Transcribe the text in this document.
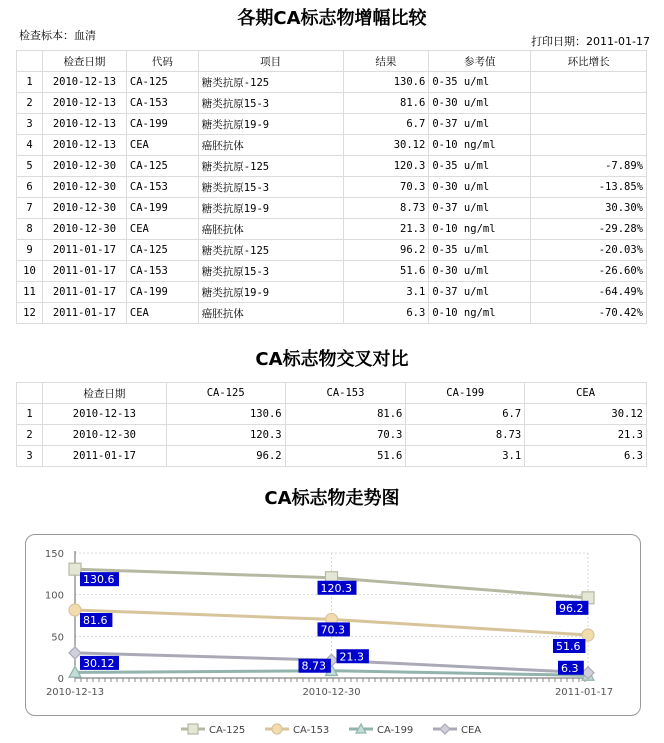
各期CA标志物增幅比较
检查标本：血清	打印日期：2011-01-17
	检查日期	代码	项目	结果	参考值	环比增长
1	2010-12-13	CA-125	糖类抗原-125	130.6	0-35 u/ml	
2	2010-12-13	CA-153	糖类抗原15-3	81.6	0-30 u/ml	
3	2010-12-13	CA-199	糖类抗原19-9	6.7	0-37 u/ml	
4	2010-12-13	CEA	癌胚抗体	30.12	0-10 ng/ml	
5	2010-12-30	CA-125	糖类抗原-125	120.3	0-35 u/ml	-7.89%
6	2010-12-30	CA-153	糖类抗原15-3	70.3	0-30 u/ml	-13.85%
7	2010-12-30	CA-199	糖类抗原19-9	8.73	0-37 u/ml	30.30%
8	2010-12-30	CEA	癌胚抗体	21.3	0-10 ng/ml	-29.28%
9	2011-01-17	CA-125	糖类抗原-125	96.2	0-35 u/ml	-20.03%
10	2011-01-17	CA-153	糖类抗原15-3	51.6	0-30 u/ml	-26.60%
11	2011-01-17	CA-199	糖类抗原19-9	3.1	0-37 u/ml	-64.49%
12	2011-01-17	CEA	癌胚抗体	6.3	0-10 ng/ml	-70.42%
CA标志物交叉对比
	检查日期	CA-125	CA-153	CA-199	CEA
1	2010-12-13	130.6	81.6	6.7	30.12
2	2010-12-30	120.3	70.3	8.73	21.3
3	2011-01-17	96.2	51.6	3.1	6.3
CA标志物走势图
0
50
100
150
2010-12-13	2010-12-30	2011-01-17
130.6
120.3
96.2
81.6
70.3
51.6
30.12
21.3
6.3
8.73
CA-125	CA-153	CA-199	CEA
